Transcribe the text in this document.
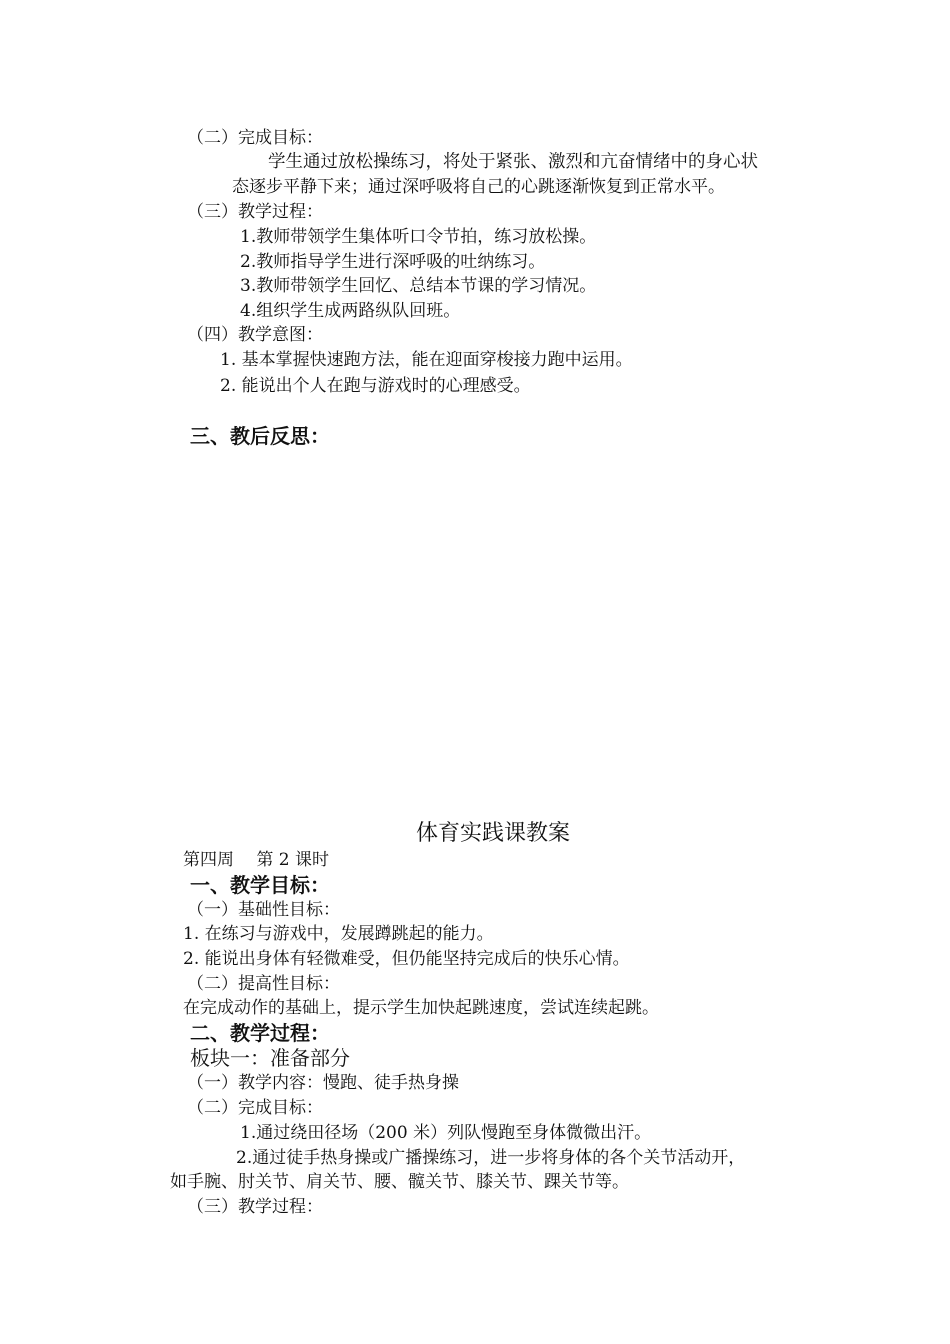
（二）完成目标：
学生通过放松操练习，将处于紧张、激烈和亢奋情绪中的身心状
态逐步平静下来；通过深呼吸将自己的心跳逐渐恢复到正常水平。
（三）教学过程：
1.教师带领学生集体听口令节拍，练习放松操。
2.教师指导学生进行深呼吸的吐纳练习。
3.教师带领学生回忆、总结本节课的学习情况。
4.组织学生成两路纵队回班。
（四）教学意图：
1. 基本掌握快速跑方法，能在迎面穿梭接力跑中运用。
2. 能说出个人在跑与游戏时的心理感受。
三、教后反思：
体育实践课教案
第四周　 第 2 课时
一、教学目标：
（一）基础性目标：
1. 在练习与游戏中，发展蹲跳起的能力。
2. 能说出身体有轻微难受，但仍能坚持完成后的快乐心情。
（二）提高性目标：
在完成动作的基础上，提示学生加快起跳速度，尝试连续起跳。
二、教学过程：
板块一：准备部分
（一）教学内容：慢跑、徒手热身操
（二）完成目标：
1.通过绕田径场（200 米）列队慢跑至身体微微出汗。
2.通过徒手热身操或广播操练习，进一步将身体的各个关节活动开，
如手腕、肘关节、肩关节、腰、髋关节、膝关节、踝关节等。
（三）教学过程：
